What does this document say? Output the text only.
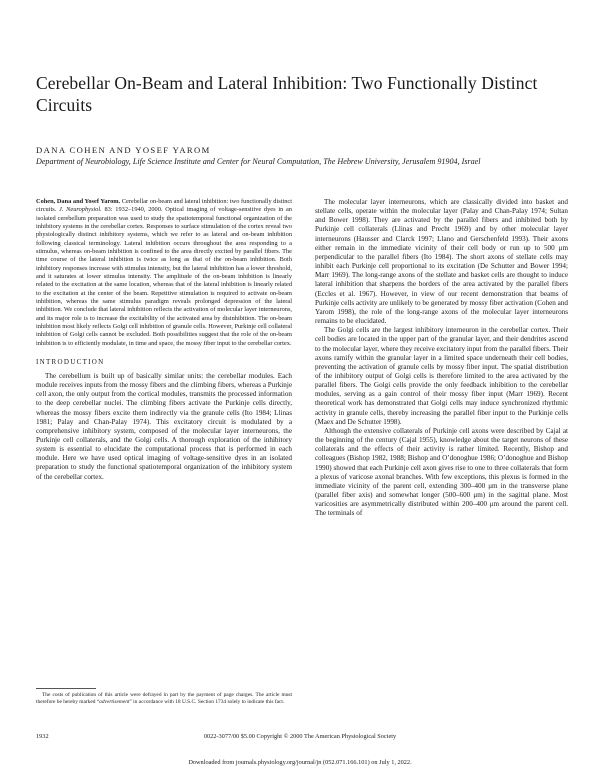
Cerebellar On-Beam and Lateral Inhibition: Two Functionally Distinct Circuits
DANA COHEN AND YOSEF YAROM
Department of Neurobiology, Life Science Institute and Center for Neural Computation, The Hebrew University, Jerusalem 91904, Israel

Cohen, Dana and Yosef Yarom. Cerebellar on-beam and lateral inhibition: two functionally distinct circuits. J. Neurophysiol. 83: 1932–1940, 2000. Optical imaging of voltage-sensitive dyes in an isolated cerebellum preparation was used to study the spatiotemporal functional organization of the inhibitory systems in the cerebellar cortex. Responses to surface stimulation of the cortex reveal two physiologically distinct inhibitory systems, which we refer to as lateral and on-beam inhibition following classical terminology. Lateral inhibition occurs throughout the area responding to a stimulus, whereas on-beam inhibition is confined to the area directly excited by parallel fibers. The time course of the lateral inhibition is twice as long as that of the on-beam inhibition. Both inhibitory responses increase with stimulus intensity, but the lateral inhibition has a lower threshold, and it saturates at lower stimulus intensity. The amplitude of the on-beam inhibition is linearly related to the excitation at the same location, whereas that of the lateral inhibition is linearly related to the excitation at the center of the beam. Repetitive stimulation is required to activate on-beam inhibition, whereas the same stimulus paradigm reveals prolonged depression of the lateral inhibition. We conclude that lateral inhibition reflects the activation of molecular layer interneurons, and its major role is to increase the excitability of the activated area by disinhibition. The on-beam inhibition most likely reflects Golgi cell inhibition of granule cells. However, Purkinje cell collateral inhibition of Golgi cells cannot be excluded. Both possibilities suggest that the role of the on-beam inhibition is to efficiently modulate, in time and space, the mossy fiber input to the cerebellar cortex.

INTRODUCTION

The cerebellum is built up of basically similar units: the cerebellar modules. Each module receives inputs from the mossy fibers and the climbing fibers, whereas a Purkinje cell axon, the only output from the cortical modules, transmits the processed information to the deep cerebellar nuclei. The climbing fibers activate the Purkinje cells directly, whereas the mossy fibers excite them indirectly via the granule cells (Ito 1984; Llinas 1981; Palay and Chan-Palay 1974). This excitatory circuit is modulated by a comprehensive inhibitory system, composed of the molecular layer interneurons, the Purkinje cell collaterals, and the Golgi cells. A thorough exploration of the inhibitory system is essential to elucidate the computational process that is performed in each module. Here we have used optical imaging of voltage-sensitive dyes in an isolated preparation to study the functional spatiotemporal organization of the inhibitory system of the cerebellar cortex.

The molecular layer interneurons, which are classically divided into basket and stellate cells, operate within the molecular layer (Palay and Chan-Palay 1974; Sultan and Bower 1998). They are activated by the parallel fibers and inhibited both by Purkinje cell collaterals (Llinas and Precht 1969) and by other molecular layer interneurons (Hausser and Clarck 1997; Llano and Gerschenfeld 1993). Their axons either remain in the immediate vicinity of their cell body or run up to 500 μm perpendicular to the parallel fibers (Ito 1984). The short axons of stellate cells may inhibit each Purkinje cell proportional to its excitation (De Schutter and Bower 1994; Marr 1969). The long-range axons of the stellate and basket cells are thought to induce lateral inhibition that sharpens the borders of the area activated by the parallel fibers (Eccles et al. 1967). However, in view of our recent demonstration that beams of Purkinje cells activity are unlikely to be generated by mossy fiber activation (Cohen and Yarom 1998), the role of the long-range axons of the molecular layer interneurons remains to be elucidated.

The Golgi cells are the largest inhibitory interneuron in the cerebellar cortex. Their cell bodies are located in the upper part of the granular layer, and their dendrites ascend to the molecular layer, where they receive excitatory input from the parallel fibers. Their axons ramify within the granular layer in a limited space underneath their cell bodies, preventing the activation of granule cells by mossy fiber input. The spatial distribution of the inhibitory output of Golgi cells is therefore limited to the area activated by the parallel fibers. The Golgi cells provide the only feedback inhibition to the cerebellar modules, serving as a gain control of their mossy fiber input (Marr 1969). Recent theoretical work has demonstrated that Golgi cells may induce synchronized rhythmic activity in granule cells, thereby increasing the parallel fiber input to the Purkinje cells (Maex and De Schutter 1998).

Although the extensive collaterals of Purkinje cell axons were described by Cajal at the beginning of the century (Cajal 1955), knowledge about the target neurons of these collaterals and the effects of their activity is rather limited. Recently, Bishop and colleagues (Bishop 1982, 1988; Bishop and O’donoghue 1986; O’donoghue and Bishop 1990) showed that each Purkinje cell axon gives rise to one to three collaterals that form a plexus of varicose axonal branches. With few exceptions, this plexus is formed in the immediate vicinity of the parent cell, extending 300–400 μm in the transverse plane (parallel fiber axis) and somewhat longer (500–600 μm) in the sagittal plane. Most varicosities are asymmetrically distributed within 200–400 μm around the parent cell. The terminals of

The costs of publication of this article were defrayed in part by the payment of page charges. The article must therefore be hereby marked “advertisement” in accordance with 18 U.S.C. Section 1734 solely to indicate this fact.

1932	0022-3077/00 $5.00 Copyright © 2000 The American Physiological Society
Downloaded from journals.physiology.org/journal/jn (052.071.166.101) on July 1, 2022.
